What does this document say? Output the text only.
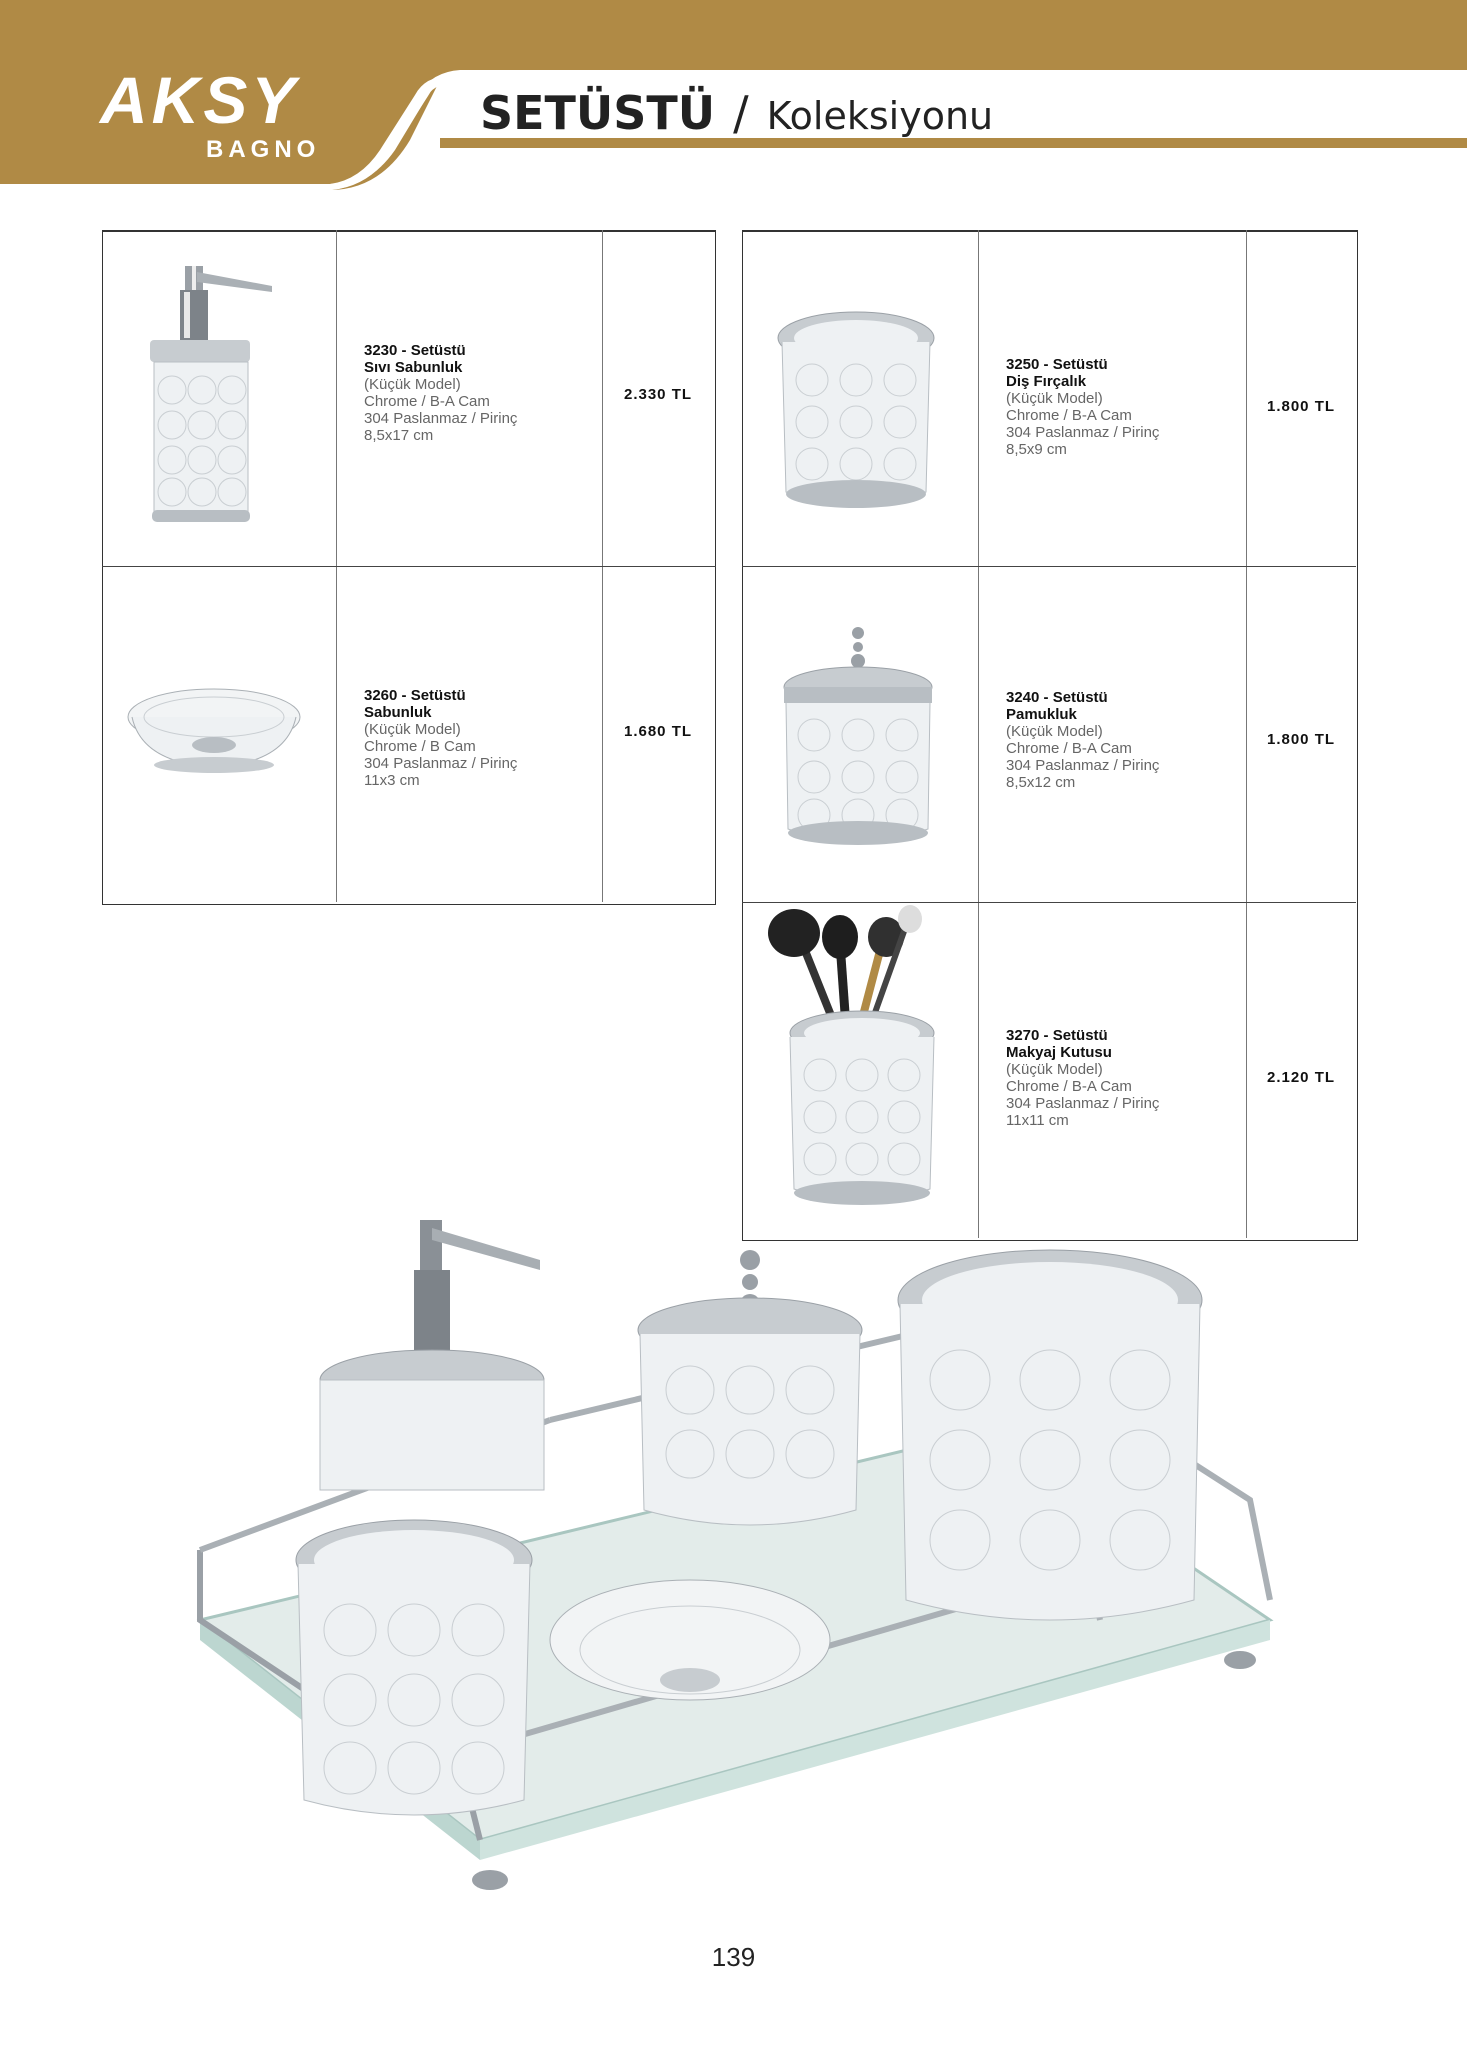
AKSY
BAGNO
SETÜSTÜ / Koleksiyonu
3230 - Setüstü
Sıvı Sabunluk
(Küçük Model)
Chrome / B-A Cam
304 Paslanmaz / Pirinç
8,5x17 cm
2.330 TL
3260 - Setüstü
Sabunluk
(Küçük Model)
Chrome / B Cam
304 Paslanmaz / Pirinç
11x3 cm
1.680 TL
3250 - Setüstü
Diş Fırçalık
(Küçük Model)
Chrome / B-A Cam
304 Paslanmaz / Pirinç
8,5x9 cm
1.800 TL
3240 - Setüstü
Pamukluk
(Küçük Model)
Chrome / B-A Cam
304 Paslanmaz / Pirinç
8,5x12 cm
1.800 TL
3270 - Setüstü
Makyaj Kutusu
(Küçük Model)
Chrome / B-A Cam
304 Paslanmaz / Pirinç
11x11 cm
2.120 TL
139
